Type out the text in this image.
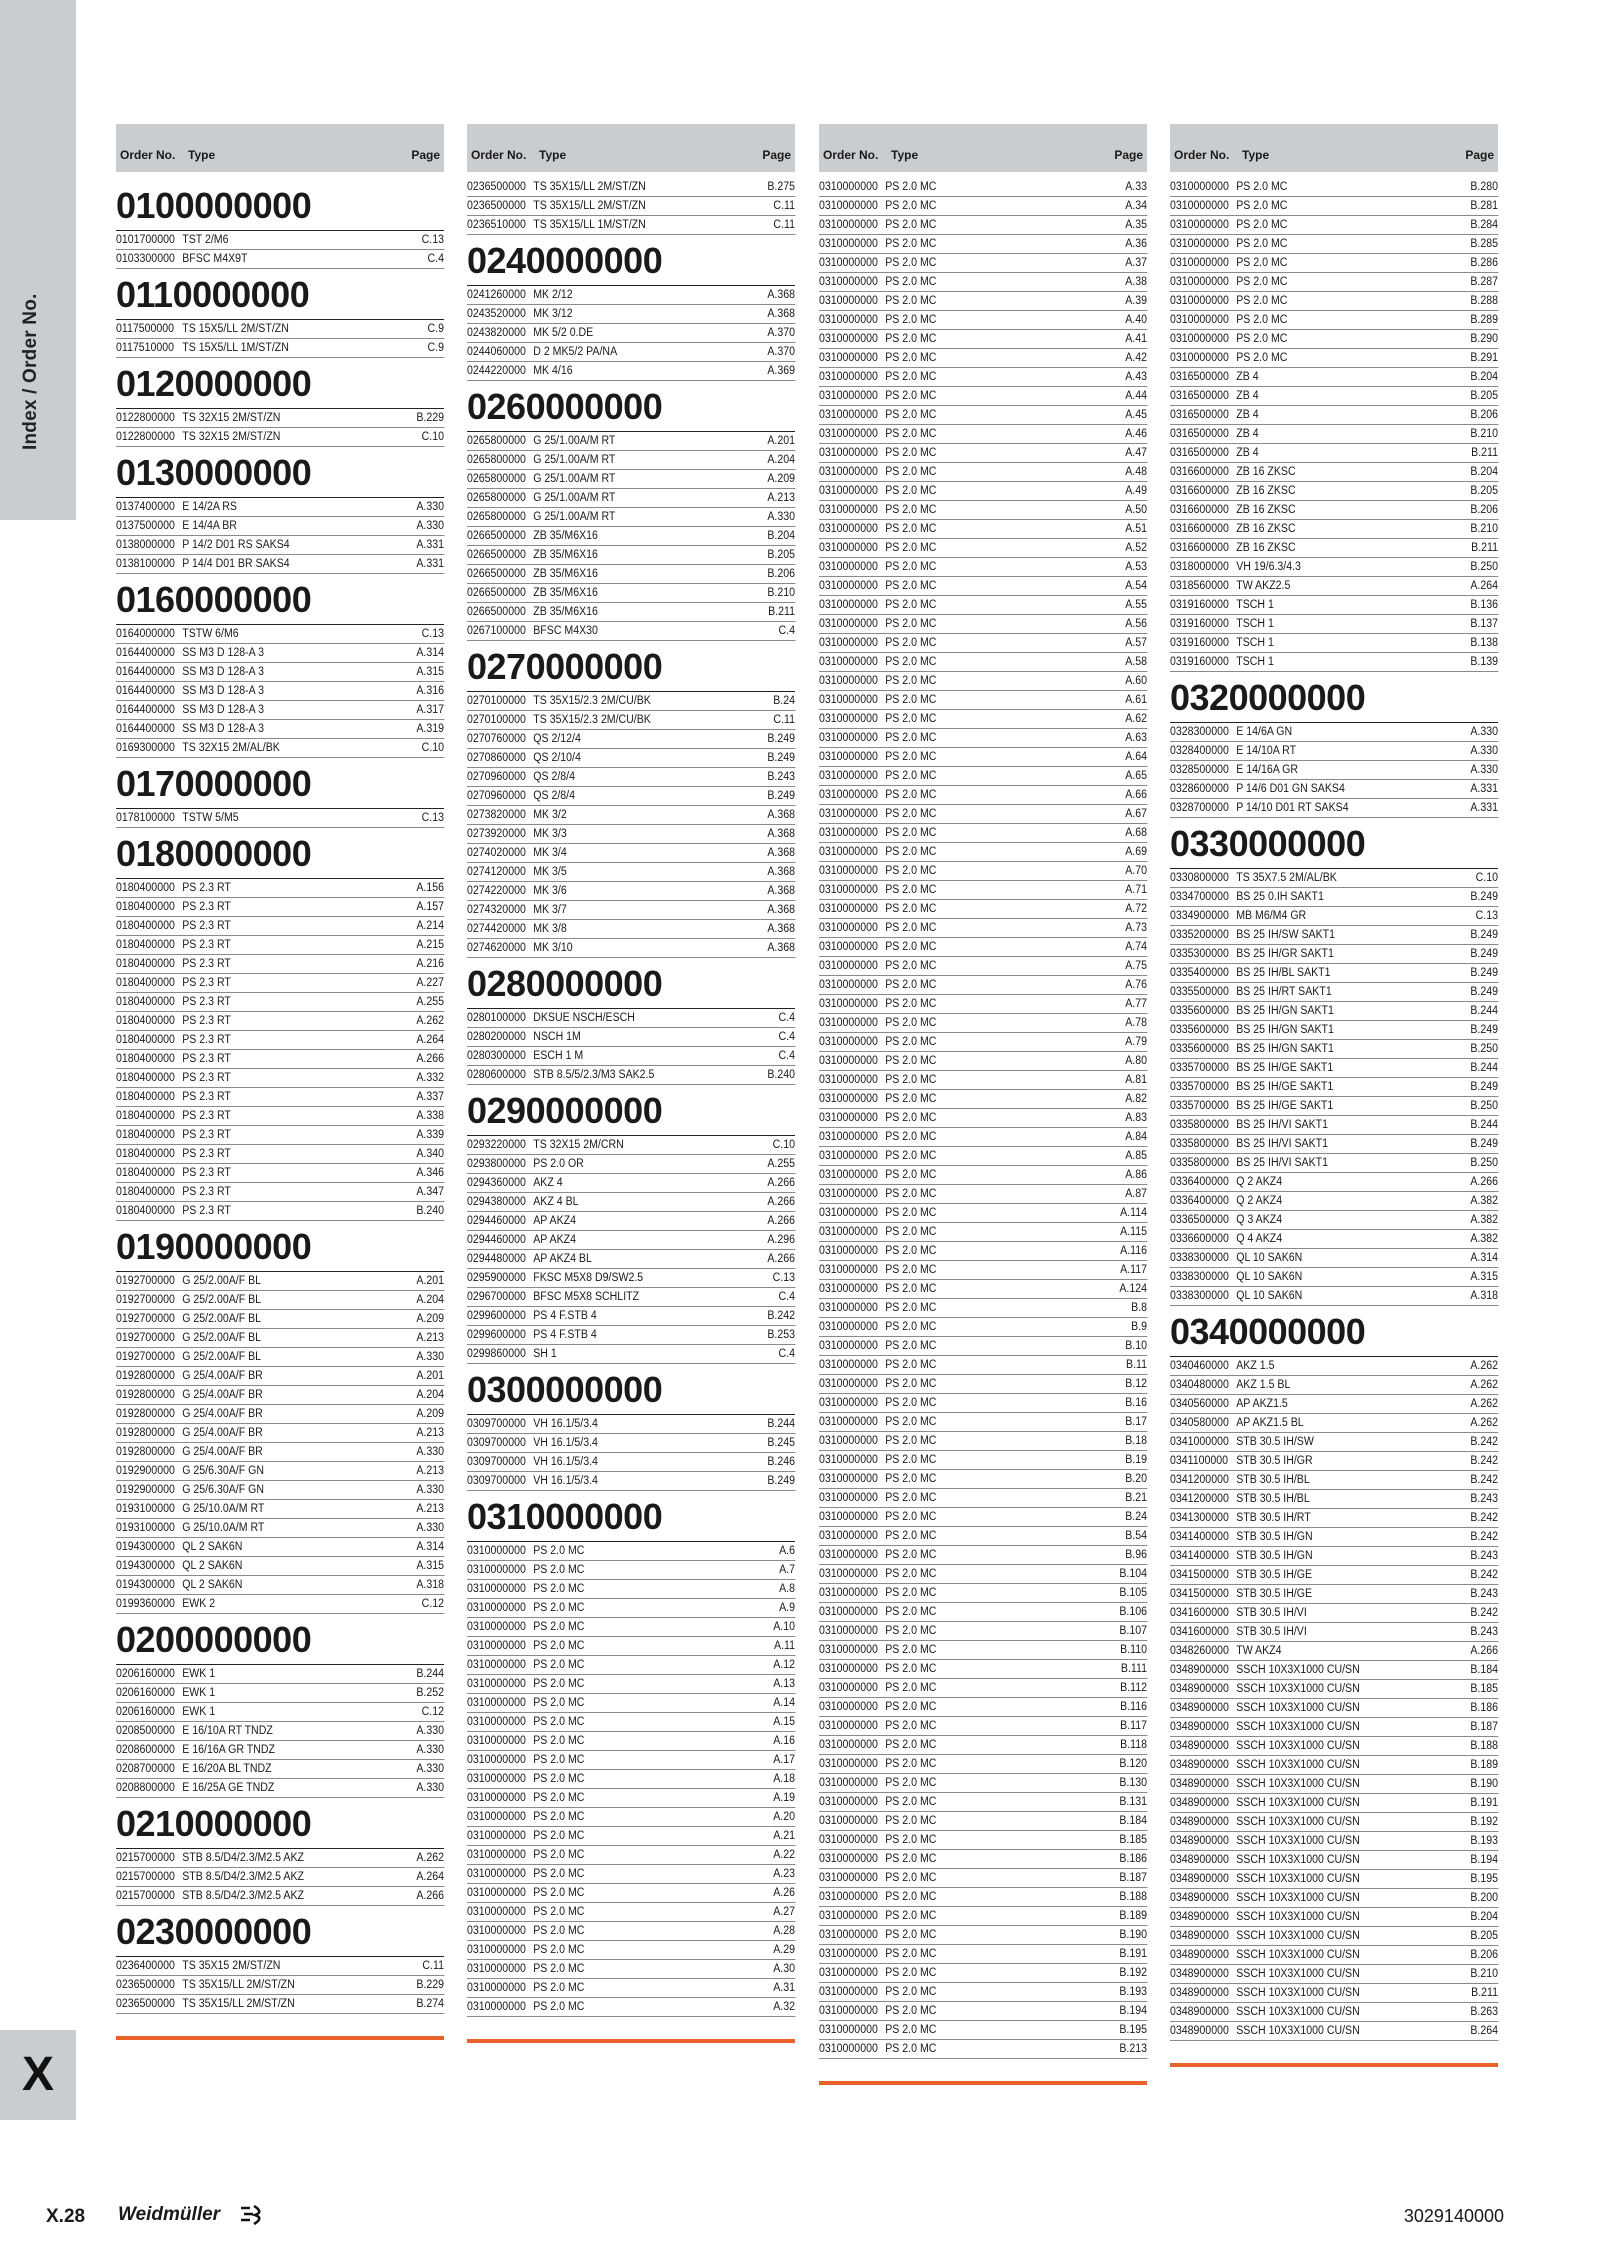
Index / Order No.
X
Order No.	Type	Page
0100000000
0101700000 TST 2/M6	C.13
0103300000 BFSC M4X9T	C.4
0110000000
0117500000 TS 15X5/LL 2M/ST/ZN	C.9
0117510000 TS 15X5/LL 1M/ST/ZN	C.9
0120000000
0122800000 TS 32X15 2M/ST/ZN	B.229
0122800000 TS 32X15 2M/ST/ZN	C.10
0130000000
0137400000 E 14/2A RS	A.330
0137500000 E 14/4A BR	A.330
0138000000 P 14/2 D01 RS SAKS4	A.331
0138100000 P 14/4 D01 BR SAKS4	A.331
0160000000
0164000000 TSTW 6/M6	C.13
0164400000 SS M3 D 128-A 3	A.314
0164400000 SS M3 D 128-A 3	A.315
0164400000 SS M3 D 128-A 3	A.316
0164400000 SS M3 D 128-A 3	A.317
0164400000 SS M3 D 128-A 3	A.319
0169300000 TS 32X15 2M/AL/BK	C.10
0170000000
0178100000 TSTW 5/M5	C.13
0180000000
0180400000 PS 2.3 RT	A.156
0180400000 PS 2.3 RT	A.157
0180400000 PS 2.3 RT	A.214
0180400000 PS 2.3 RT	A.215
0180400000 PS 2.3 RT	A.216
0180400000 PS 2.3 RT	A.227
0180400000 PS 2.3 RT	A.255
0180400000 PS 2.3 RT	A.262
0180400000 PS 2.3 RT	A.264
0180400000 PS 2.3 RT	A.266
0180400000 PS 2.3 RT	A.332
0180400000 PS 2.3 RT	A.337
0180400000 PS 2.3 RT	A.338
0180400000 PS 2.3 RT	A.339
0180400000 PS 2.3 RT	A.340
0180400000 PS 2.3 RT	A.346
0180400000 PS 2.3 RT	A.347
0180400000 PS 2.3 RT	B.240
0190000000
0192700000 G 25/2.00A/F BL	A.201
0192700000 G 25/2.00A/F BL	A.204
0192700000 G 25/2.00A/F BL	A.209
0192700000 G 25/2.00A/F BL	A.213
0192700000 G 25/2.00A/F BL	A.330
0192800000 G 25/4.00A/F BR	A.201
0192800000 G 25/4.00A/F BR	A.204
0192800000 G 25/4.00A/F BR	A.209
0192800000 G 25/4.00A/F BR	A.213
0192800000 G 25/4.00A/F BR	A.330
0192900000 G 25/6.30A/F GN	A.213
0192900000 G 25/6.30A/F GN	A.330
0193100000 G 25/10.0A/M RT	A.213
0193100000 G 25/10.0A/M RT	A.330
0194300000 QL 2 SAK6N	A.314
0194300000 QL 2 SAK6N	A.315
0194300000 QL 2 SAK6N	A.318
0199360000 EWK 2	C.12
0200000000
0206160000 EWK 1	B.244
0206160000 EWK 1	B.252
0206160000 EWK 1	C.12
0208500000 E 16/10A RT TNDZ	A.330
0208600000 E 16/16A GR TNDZ	A.330
0208700000 E 16/20A BL TNDZ	A.330
0208800000 E 16/25A GE TNDZ	A.330
0210000000
0215700000 STB 8.5/D4/2.3/M2.5 AKZ	A.262
0215700000 STB 8.5/D4/2.3/M2.5 AKZ	A.264
0215700000 STB 8.5/D4/2.3/M2.5 AKZ	A.266
0230000000
0236400000 TS 35X15 2M/ST/ZN	C.11
0236500000 TS 35X15/LL 2M/ST/ZN	B.229
0236500000 TS 35X15/LL 2M/ST/ZN	B.274
Order No.	Type	Page
0236500000 TS 35X15/LL 2M/ST/ZN	B.275
0236500000 TS 35X15/LL 2M/ST/ZN	C.11
0236510000 TS 35X15/LL 1M/ST/ZN	C.11
0240000000
0241260000 MK 2/12	A.368
0243520000 MK 3/12	A.368
0243820000 MK 5/2 0.DE	A.370
0244060000 D 2 MK5/2 PA/NA	A.370
0244220000 MK 4/16	A.369
0260000000
0265800000 G 25/1.00A/M RT	A.201
0265800000 G 25/1.00A/M RT	A.204
0265800000 G 25/1.00A/M RT	A.209
0265800000 G 25/1.00A/M RT	A.213
0265800000 G 25/1.00A/M RT	A.330
0266500000 ZB 35/M6X16	B.204
0266500000 ZB 35/M6X16	B.205
0266500000 ZB 35/M6X16	B.206
0266500000 ZB 35/M6X16	B.210
0266500000 ZB 35/M6X16	B.211
0267100000 BFSC M4X30	C.4
0270000000
0270100000 TS 35X15/2.3 2M/CU/BK	B.24
0270100000 TS 35X15/2.3 2M/CU/BK	C.11
0270760000 QS 2/12/4	B.249
0270860000 QS 2/10/4	B.249
0270960000 QS 2/8/4	B.243
0270960000 QS 2/8/4	B.249
0273820000 MK 3/2	A.368
0273920000 MK 3/3	A.368
0274020000 MK 3/4	A.368
0274120000 MK 3/5	A.368
0274220000 MK 3/6	A.368
0274320000 MK 3/7	A.368
0274420000 MK 3/8	A.368
0274620000 MK 3/10	A.368
0280000000
0280100000 DKSUE NSCH/ESCH	C.4
0280200000 NSCH 1M	C.4
0280300000 ESCH 1 M	C.4
0280600000 STB 8.5/5/2.3/M3 SAK2.5	B.240
0290000000
0293220000 TS 32X15 2M/CRN	C.10
0293800000 PS 2.0 OR	A.255
0294360000 AKZ 4	A.266
0294380000 AKZ 4 BL	A.266
0294460000 AP AKZ4	A.266
0294460000 AP AKZ4	A.296
0294480000 AP AKZ4 BL	A.266
0295900000 FKSC M5X8 D9/SW2.5	C.13
0296700000 BFSC M5X8 SCHLITZ	C.4
0299600000 PS 4 F.STB 4	B.242
0299600000 PS 4 F.STB 4	B.253
0299860000 SH 1	C.4
0300000000
0309700000 VH 16.1/5/3.4	B.244
0309700000 VH 16.1/5/3.4	B.245
0309700000 VH 16.1/5/3.4	B.246
0309700000 VH 16.1/5/3.4	B.249
0310000000
0310000000 PS 2.0 MC	A.6
0310000000 PS 2.0 MC	A.7
0310000000 PS 2.0 MC	A.8
0310000000 PS 2.0 MC	A.9
0310000000 PS 2.0 MC	A.10
0310000000 PS 2.0 MC	A.11
0310000000 PS 2.0 MC	A.12
0310000000 PS 2.0 MC	A.13
0310000000 PS 2.0 MC	A.14
0310000000 PS 2.0 MC	A.15
0310000000 PS 2.0 MC	A.16
0310000000 PS 2.0 MC	A.17
0310000000 PS 2.0 MC	A.18
0310000000 PS 2.0 MC	A.19
0310000000 PS 2.0 MC	A.20
0310000000 PS 2.0 MC	A.21
0310000000 PS 2.0 MC	A.22
0310000000 PS 2.0 MC	A.23
0310000000 PS 2.0 MC	A.26
0310000000 PS 2.0 MC	A.27
0310000000 PS 2.0 MC	A.28
0310000000 PS 2.0 MC	A.29
0310000000 PS 2.0 MC	A.30
0310000000 PS 2.0 MC	A.31
0310000000 PS 2.0 MC	A.32
Order No.	Type	Page
0310000000 PS 2.0 MC	A.33
0310000000 PS 2.0 MC	A.34
0310000000 PS 2.0 MC	A.35
0310000000 PS 2.0 MC	A.36
0310000000 PS 2.0 MC	A.37
0310000000 PS 2.0 MC	A.38
0310000000 PS 2.0 MC	A.39
0310000000 PS 2.0 MC	A.40
0310000000 PS 2.0 MC	A.41
0310000000 PS 2.0 MC	A.42
0310000000 PS 2.0 MC	A.43
0310000000 PS 2.0 MC	A.44
0310000000 PS 2.0 MC	A.45
0310000000 PS 2.0 MC	A.46
0310000000 PS 2.0 MC	A.47
0310000000 PS 2.0 MC	A.48
0310000000 PS 2.0 MC	A.49
0310000000 PS 2.0 MC	A.50
0310000000 PS 2.0 MC	A.51
0310000000 PS 2.0 MC	A.52
0310000000 PS 2.0 MC	A.53
0310000000 PS 2.0 MC	A.54
0310000000 PS 2.0 MC	A.55
0310000000 PS 2.0 MC	A.56
0310000000 PS 2.0 MC	A.57
0310000000 PS 2.0 MC	A.58
0310000000 PS 2.0 MC	A.60
0310000000 PS 2.0 MC	A.61
0310000000 PS 2.0 MC	A.62
0310000000 PS 2.0 MC	A.63
0310000000 PS 2.0 MC	A.64
0310000000 PS 2.0 MC	A.65
0310000000 PS 2.0 MC	A.66
0310000000 PS 2.0 MC	A.67
0310000000 PS 2.0 MC	A.68
0310000000 PS 2.0 MC	A.69
0310000000 PS 2.0 MC	A.70
0310000000 PS 2.0 MC	A.71
0310000000 PS 2.0 MC	A.72
0310000000 PS 2.0 MC	A.73
0310000000 PS 2.0 MC	A.74
0310000000 PS 2.0 MC	A.75
0310000000 PS 2.0 MC	A.76
0310000000 PS 2.0 MC	A.77
0310000000 PS 2.0 MC	A.78
0310000000 PS 2.0 MC	A.79
0310000000 PS 2.0 MC	A.80
0310000000 PS 2.0 MC	A.81
0310000000 PS 2.0 MC	A.82
0310000000 PS 2.0 MC	A.83
0310000000 PS 2.0 MC	A.84
0310000000 PS 2.0 MC	A.85
0310000000 PS 2.0 MC	A.86
0310000000 PS 2.0 MC	A.87
0310000000 PS 2.0 MC	A.114
0310000000 PS 2.0 MC	A.115
0310000000 PS 2.0 MC	A.116
0310000000 PS 2.0 MC	A.117
0310000000 PS 2.0 MC	A.124
0310000000 PS 2.0 MC	B.8
0310000000 PS 2.0 MC	B.9
0310000000 PS 2.0 MC	B.10
0310000000 PS 2.0 MC	B.11
0310000000 PS 2.0 MC	B.12
0310000000 PS 2.0 MC	B.16
0310000000 PS 2.0 MC	B.17
0310000000 PS 2.0 MC	B.18
0310000000 PS 2.0 MC	B.19
0310000000 PS 2.0 MC	B.20
0310000000 PS 2.0 MC	B.21
0310000000 PS 2.0 MC	B.24
0310000000 PS 2.0 MC	B.54
0310000000 PS 2.0 MC	B.96
0310000000 PS 2.0 MC	B.104
0310000000 PS 2.0 MC	B.105
0310000000 PS 2.0 MC	B.106
0310000000 PS 2.0 MC	B.107
0310000000 PS 2.0 MC	B.110
0310000000 PS 2.0 MC	B.111
0310000000 PS 2.0 MC	B.112
0310000000 PS 2.0 MC	B.116
0310000000 PS 2.0 MC	B.117
0310000000 PS 2.0 MC	B.118
0310000000 PS 2.0 MC	B.120
0310000000 PS 2.0 MC	B.130
0310000000 PS 2.0 MC	B.131
0310000000 PS 2.0 MC	B.184
0310000000 PS 2.0 MC	B.185
0310000000 PS 2.0 MC	B.186
0310000000 PS 2.0 MC	B.187
0310000000 PS 2.0 MC	B.188
0310000000 PS 2.0 MC	B.189
0310000000 PS 2.0 MC	B.190
0310000000 PS 2.0 MC	B.191
0310000000 PS 2.0 MC	B.192
0310000000 PS 2.0 MC	B.193
0310000000 PS 2.0 MC	B.194
0310000000 PS 2.0 MC	B.195
0310000000 PS 2.0 MC	B.213
Order No.	Type	Page
0310000000 PS 2.0 MC	B.280
0310000000 PS 2.0 MC	B.281
0310000000 PS 2.0 MC	B.284
0310000000 PS 2.0 MC	B.285
0310000000 PS 2.0 MC	B.286
0310000000 PS 2.0 MC	B.287
0310000000 PS 2.0 MC	B.288
0310000000 PS 2.0 MC	B.289
0310000000 PS 2.0 MC	B.290
0310000000 PS 2.0 MC	B.291
0316500000 ZB 4	B.204
0316500000 ZB 4	B.205
0316500000 ZB 4	B.206
0316500000 ZB 4	B.210
0316500000 ZB 4	B.211
0316600000 ZB 16 ZKSC	B.204
0316600000 ZB 16 ZKSC	B.205
0316600000 ZB 16 ZKSC	B.206
0316600000 ZB 16 ZKSC	B.210
0316600000 ZB 16 ZKSC	B.211
0318000000 VH 19/6.3/4.3	B.250
0318560000 TW AKZ2.5	A.264
0319160000 TSCH 1	B.136
0319160000 TSCH 1	B.137
0319160000 TSCH 1	B.138
0319160000 TSCH 1	B.139
0320000000
0328300000 E 14/6A GN	A.330
0328400000 E 14/10A RT	A.330
0328500000 E 14/16A GR	A.330
0328600000 P 14/6 D01 GN SAKS4	A.331
0328700000 P 14/10 D01 RT SAKS4	A.331
0330000000
0330800000 TS 35X7.5 2M/AL/BK	C.10
0334700000 BS 25 0.IH SAKT1	B.249
0334900000 MB M6/M4 GR	C.13
0335200000 BS 25 IH/SW SAKT1	B.249
0335300000 BS 25 IH/GR SAKT1	B.249
0335400000 BS 25 IH/BL SAKT1	B.249
0335500000 BS 25 IH/RT SAKT1	B.249
0335600000 BS 25 IH/GN SAKT1	B.244
0335600000 BS 25 IH/GN SAKT1	B.249
0335600000 BS 25 IH/GN SAKT1	B.250
0335700000 BS 25 IH/GE SAKT1	B.244
0335700000 BS 25 IH/GE SAKT1	B.249
0335700000 BS 25 IH/GE SAKT1	B.250
0335800000 BS 25 IH/VI SAKT1	B.244
0335800000 BS 25 IH/VI SAKT1	B.249
0335800000 BS 25 IH/VI SAKT1	B.250
0336400000 Q 2 AKZ4	A.266
0336400000 Q 2 AKZ4	A.382
0336500000 Q 3 AKZ4	A.382
0336600000 Q 4 AKZ4	A.382
0338300000 QL 10 SAK6N	A.314
0338300000 QL 10 SAK6N	A.315
0338300000 QL 10 SAK6N	A.318
0340000000
0340460000 AKZ 1.5	A.262
0340480000 AKZ 1.5 BL	A.262
0340560000 AP AKZ1.5	A.262
0340580000 AP AKZ1.5 BL	A.262
0341000000 STB 30.5 IH/SW	B.242
0341100000 STB 30.5 IH/GR	B.242
0341200000 STB 30.5 IH/BL	B.242
0341200000 STB 30.5 IH/BL	B.243
0341300000 STB 30.5 IH/RT	B.242
0341400000 STB 30.5 IH/GN	B.242
0341400000 STB 30.5 IH/GN	B.243
0341500000 STB 30.5 IH/GE	B.242
0341500000 STB 30.5 IH/GE	B.243
0341600000 STB 30.5 IH/VI	B.242
0341600000 STB 30.5 IH/VI	B.243
0348260000 TW AKZ4	A.266
0348900000 SSCH 10X3X1000 CU/SN	B.184
0348900000 SSCH 10X3X1000 CU/SN	B.185
0348900000 SSCH 10X3X1000 CU/SN	B.186
0348900000 SSCH 10X3X1000 CU/SN	B.187
0348900000 SSCH 10X3X1000 CU/SN	B.188
0348900000 SSCH 10X3X1000 CU/SN	B.189
0348900000 SSCH 10X3X1000 CU/SN	B.190
0348900000 SSCH 10X3X1000 CU/SN	B.191
0348900000 SSCH 10X3X1000 CU/SN	B.192
0348900000 SSCH 10X3X1000 CU/SN	B.193
0348900000 SSCH 10X3X1000 CU/SN	B.194
0348900000 SSCH 10X3X1000 CU/SN	B.195
0348900000 SSCH 10X3X1000 CU/SN	B.200
0348900000 SSCH 10X3X1000 CU/SN	B.204
0348900000 SSCH 10X3X1000 CU/SN	B.205
0348900000 SSCH 10X3X1000 CU/SN	B.206
0348900000 SSCH 10X3X1000 CU/SN	B.210
0348900000 SSCH 10X3X1000 CU/SN	B.211
0348900000 SSCH 10X3X1000 CU/SN	B.263
0348900000 SSCH 10X3X1000 CU/SN	B.264
X.28 Weidmüller	3029140000
